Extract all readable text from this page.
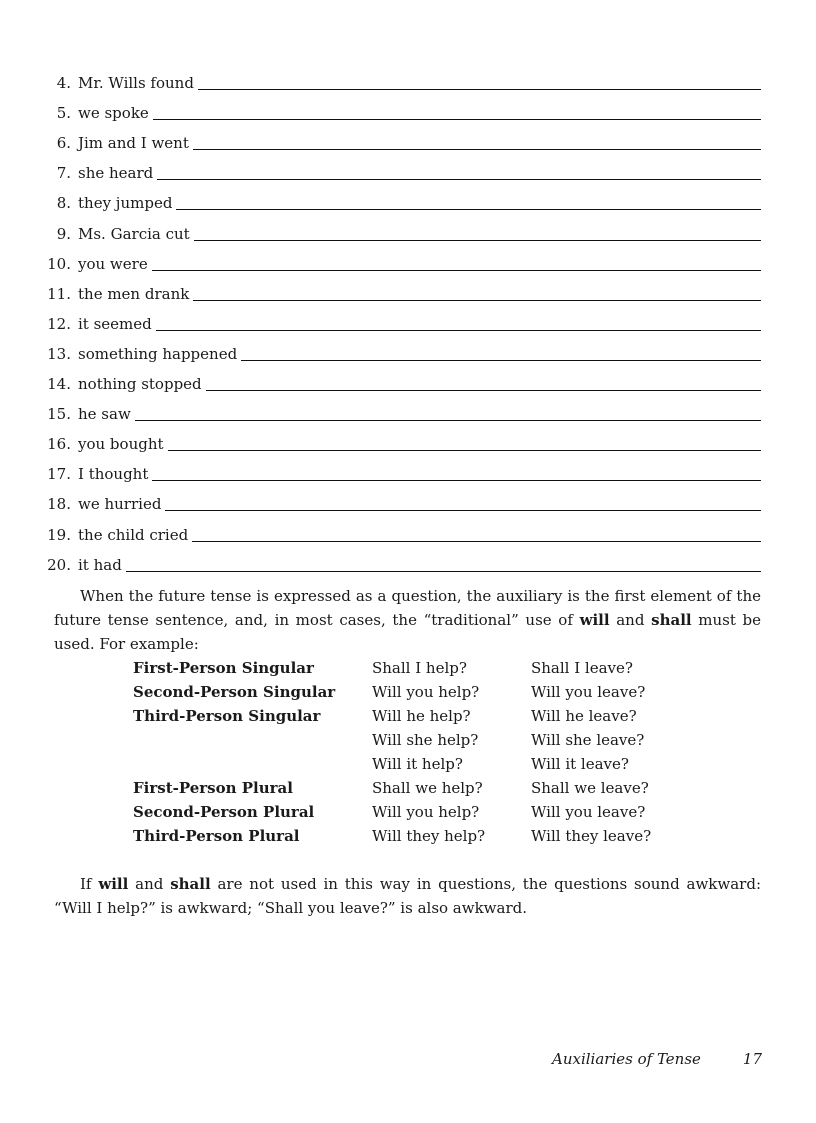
4. Mr. Wills found
5. we spoke
6. Jim and I went
7. she heard
8. they jumped
9. Ms. Garcia cut
10. you were
11. the men drank
12. it seemed
13. something happened
14. nothing stopped
15. he saw
16. you bought
17. I thought
18. we hurried
19. the child cried
20. it had

When the future tense is expressed as a question, the auxiliary is the first element of the future tense sentence, and, in most cases, the “traditional” use of will and shall must be used. For example:

First-Person Singular	Shall I help?	Shall I leave?
Second-Person Singular	Will you help?	Will you leave?
Third-Person Singular	Will he help?	Will he leave?
	Will she help?	Will she leave?
	Will it help?	Will it leave?
First-Person Plural	Shall we help?	Shall we leave?
Second-Person Plural	Will you help?	Will you leave?
Third-Person Plural	Will they help?	Will they leave?

If will and shall are not used in this way in questions, the questions sound awkward: “Will I help?” is awkward; “Shall you leave?” is also awkward.

Auxiliaries of Tense	17
